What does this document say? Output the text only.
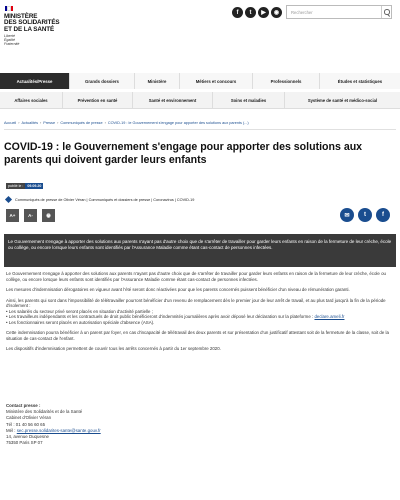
MINISTÈRE
DES SOLIDARITÉS
ET DE LA SANTÉ
Liberté
Égalité
Fraternité
f	t	▶	◉	Rechercher
Actualités/Presse	Grands dossiers	Ministère	Métiers et concours	Professionnels	Études et statistiques
Affaires sociales	Prévention en santé	Santé et environnement	Soins et maladies	Système de santé et médico-social
Accueil › Actualités › Presse › Communiqués de presse › COVID-19 : le Gouvernement s'engage pour apporter des solutions aux parents (...)
COVID-19 : le Gouvernement s'engage pour apporter des solutions aux parents qui doivent garder leurs enfants
publié le :	09.09.20
Communiqués de presse de Olivier Véran | Communiqués et dossiers de presse | Coronavirus | COVID-19
A+	A-	🖶	✉	t	f
Le Gouvernement s'engage à apporter des solutions aux parents n'ayant pas d'autre choix que de s'arrêter de travailler pour garder leurs enfants en raison de la fermeture de leur crèche, école ou collège, ou encore lorsque leurs enfants sont identifiés par l'Assurance Maladie comme étant cas-contact de personnes infectées.

Le Gouvernement s'engage à apporter des solutions aux parents n'ayant pas d'autre choix que de s'arrêter de travailler pour garder leurs enfants en raison de la fermeture de leur crèche, école ou collège, ou encore lorsque leurs enfants sont identifiés par l'Assurance Maladie comme étant cas-contact de personnes infectées.

Les mesures d'indemnisation dérogatoires en vigueur avant l'été seront donc réactivées pour que les parents concernés puissent bénéficier d'un niveau de rémunération garanti.

Ainsi, les parents qui sont dans l'impossibilité de télétravailler pourront bénéficier d'un revenu de remplacement dès le premier jour de leur arrêt de travail, et au plus tard jusqu'à la fin de la période d'isolement :

• Les salariés du secteur privé seront placés en situation d'activité partielle ;
• Les travailleurs indépendants et les contractuels de droit public bénéficieront d'indemnités journalières après avoir déposé leur déclaration sur la plateforme : declare.ameli.fr
• Les fonctionnaires seront placés en autorisation spéciale d'absence (ASA).

Cette indemnisation pourra bénéficier à un parent par foyer, en cas d'incapacité de télétravail des deux parents et sur présentation d'un justificatif attestant soit de la fermeture de la classe, soit de la situation de cas-contact de l'enfant.

Les dispositifs d'indemnisation permettent de couvrir tous les arrêts concernés à partir du 1er septembre 2020.

Contact presse :
Ministère des Solidarités et de la Santé
Cabinet d'Olivier Véran
Tél : 01 40 56 60 65
Mél : sec.presse.solidarites-sante@sante.gouv.fr
14, avenue Duquesne
75350 Paris SP 07
